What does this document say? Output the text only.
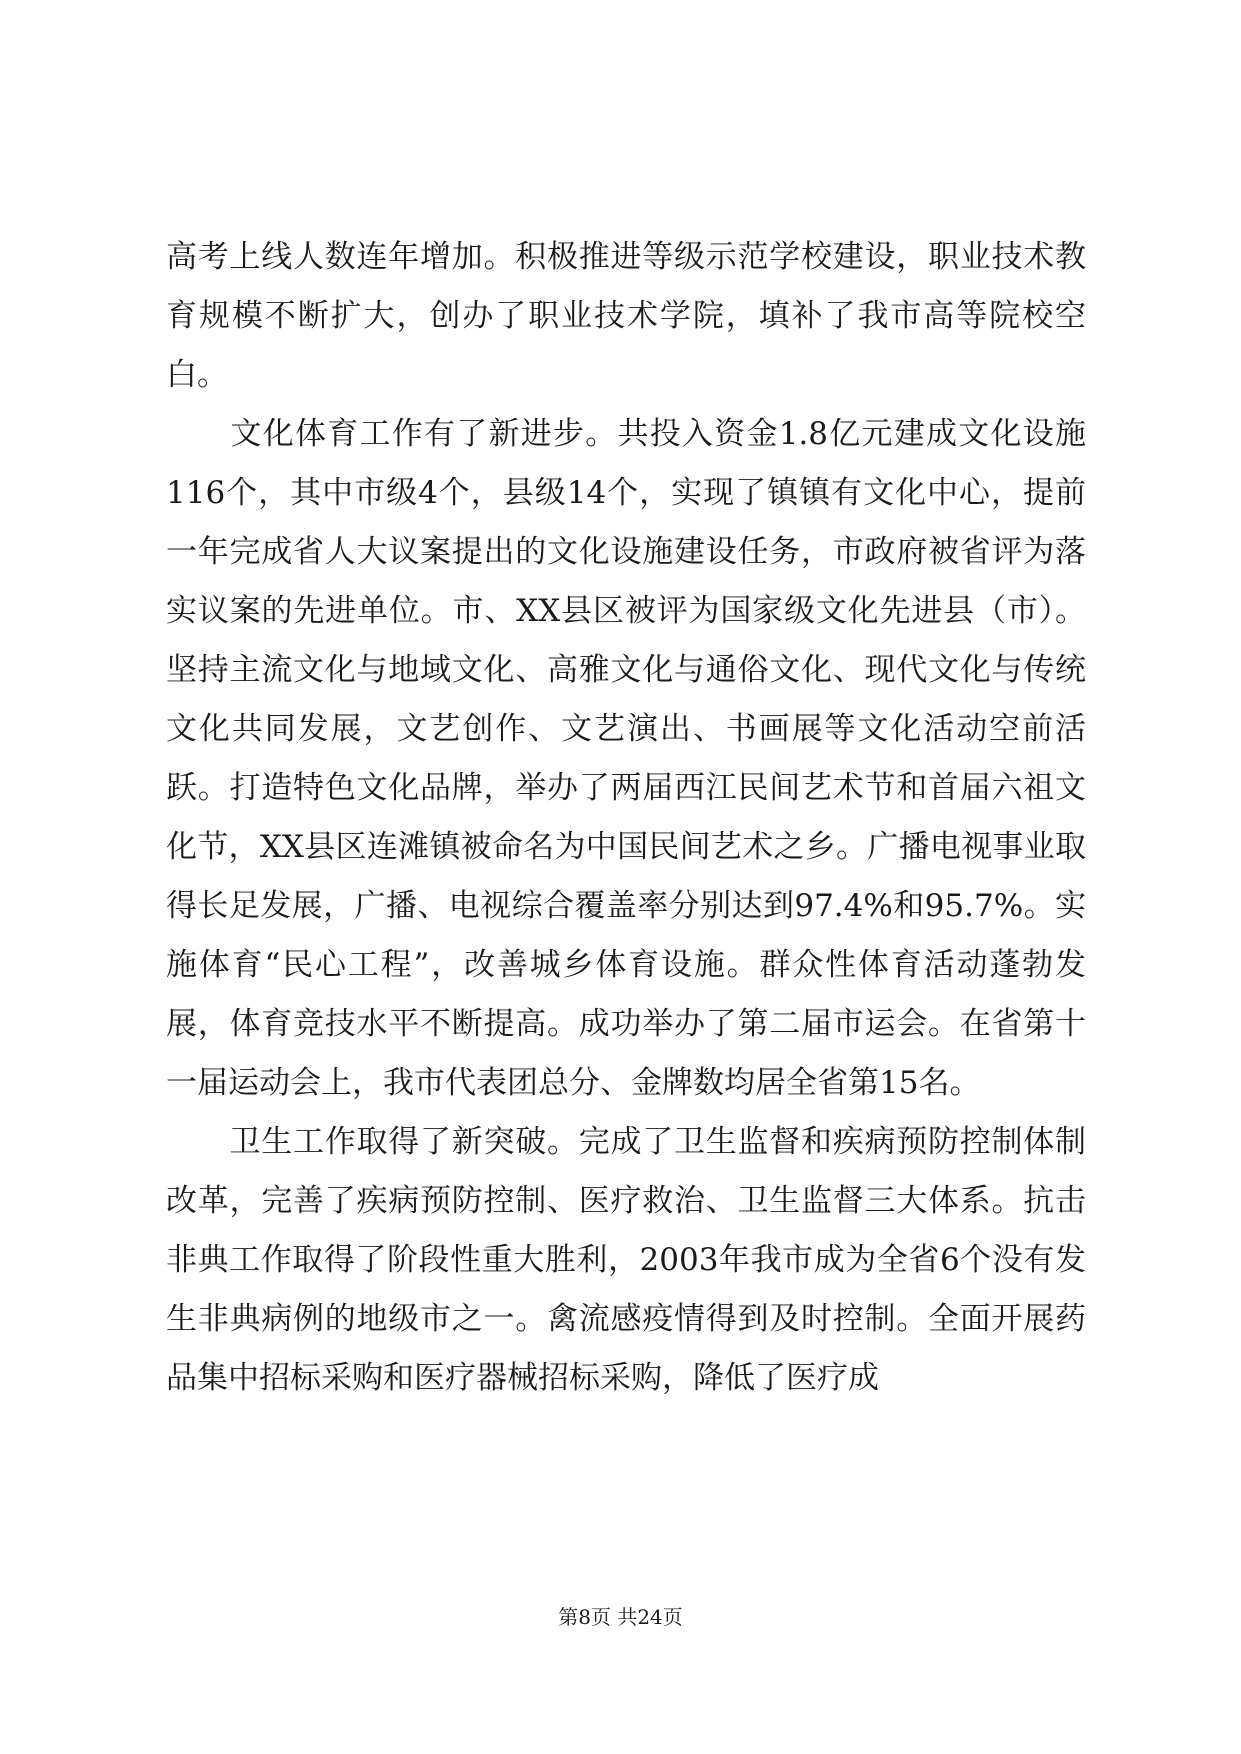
高考上线人数连年增加。积极推进等级示范学校建设，职业技术教育规模不断扩大，创办了职业技术学院，填补了我市高等院校空白。

　　文化体育工作有了新进步。共投入资金1.8亿元建成文化设施116个，其中市级4个，县级14个，实现了镇镇有文化中心，提前一年完成省人大议案提出的文化设施建设任务，市政府被省评为落实议案的先进单位。市、XX县区被评为国家级文化先进县（市）。坚持主流文化与地域文化、高雅文化与通俗文化、现代文化与传统文化共同发展，文艺创作、文艺演出、书画展等文化活动空前活跃。打造特色文化品牌，举办了两届西江民间艺术节和首届六祖文化节，XX县区连滩镇被命名为中国民间艺术之乡。广播电视事业取得长足发展，广播、电视综合覆盖率分别达到97.4%和95.7%。实施体育“民心工程”，改善城乡体育设施。群众性体育活动蓬勃发展，体育竞技水平不断提高。成功举办了第二届市运会。在省第十一届运动会上，我市代表团总分、金牌数均居全省第15名。

　　卫生工作取得了新突破。完成了卫生监督和疾病预防控制体制改革，完善了疾病预防控制、医疗救治、卫生监督三大体系。抗击非典工作取得了阶段性重大胜利，2003年我市成为全省6个没有发生非典病例的地级市之一。禽流感疫情得到及时控制。全面开展药品集中招标采购和医疗器械招标采购，降低了医疗成

第8页 共24页
